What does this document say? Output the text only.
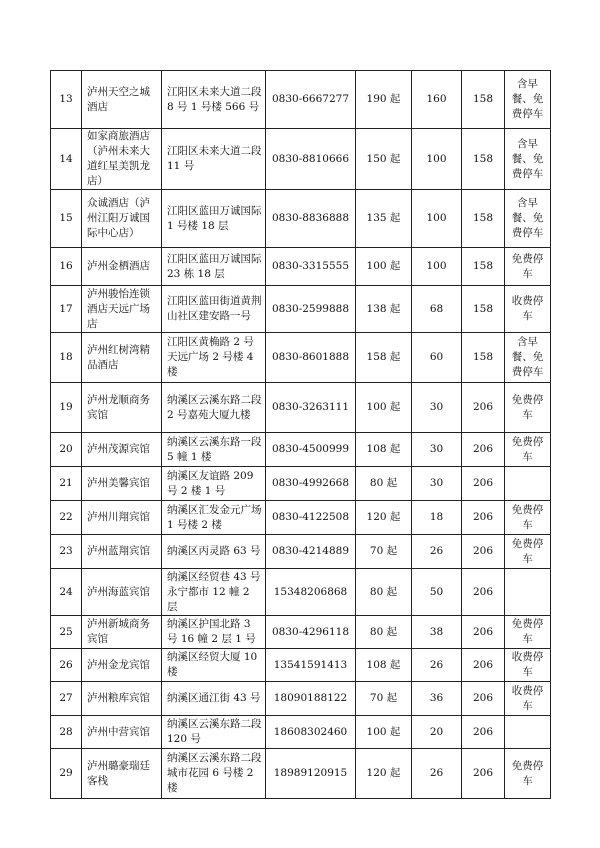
13	泸州天空之城酒店	江阳区未来大道二段 8 号 1 号楼 566 号	0830-6667277	190 起	160	158	含早餐、免费停车
14	如家商旅酒店（泸州未来大道红星美凯龙店）	江阳区未来大道二段 11 号	0830-8810666	150 起	100	158	含早餐、免费停车
15	众诚酒店（泸州江阳万诚国际中心店）	江阳区蓝田万诚国际 1 号楼 18 层	0830-8836888	135 起	100	158	含早餐、免费停车
16	泸州金栖酒店	江阳区蓝田万诚国际 23 栋 18 层	0830-3315555	100 起	100	158	免费停车
17	泸州骏怡连锁酒店天远广场店	江阳区蓝田街道黄荆山社区建安路一号	0830-2599888	138 起	68	158	收费停车
18	泸州红树湾精品酒店	江阳区黄桷路 2 号天远广场 2 号楼 4 楼	0830-8601888	158 起	60	158	含早餐、免费停车
19	泸州龙顺商务宾馆	纳溪区云溪东路二段 2 号嘉苑大厦九楼	0830-3263111	100 起	30	206	免费停车
20	泸州茂源宾馆	纳溪区云溪东路一段 5 幢 1 楼	0830-4500999	108 起	30	206	免费停车
21	泸州美馨宾馆	纳溪区友谊路 209 号 2 楼 1 号	0830-4992668	80 起	30	206	
22	泸州川翔宾馆	纳溪区汇发金元广场 1 号楼 2 楼	0830-4122508	120 起	18	206	免费停车
23	泸州蓝翔宾馆	纳溪区丙灵路 63 号	0830-4214889	70 起	26	206	免费停车
24	泸州海蓝宾馆	纳溪区经贸巷 43 号永宁都市 12 幢 2 层	15348206868	80 起	50	206	
25	泸州新城商务宾馆	纳溪区护国北路 3 号 16 幢 2 层 1 号	0830-4296118	80 起	38	206	免费停车
26	泸州金龙宾馆	纳溪区经贸大厦 10 楼	13541591413	108 起	26	206	收费停车
27	泸州粮库宾馆	纳溪区通江街 43 号	18090188122	70 起	36	206	收费停车
28	泸州中营宾馆	纳溪区云溪东路二段 120 号	18608302460	100 起	20	206	
29	泸州璐豪瑞廷客栈	纳溪区云溪东路二段城市花园 6 号楼 2 楼	18989120915	120 起	26	206	免费停车
